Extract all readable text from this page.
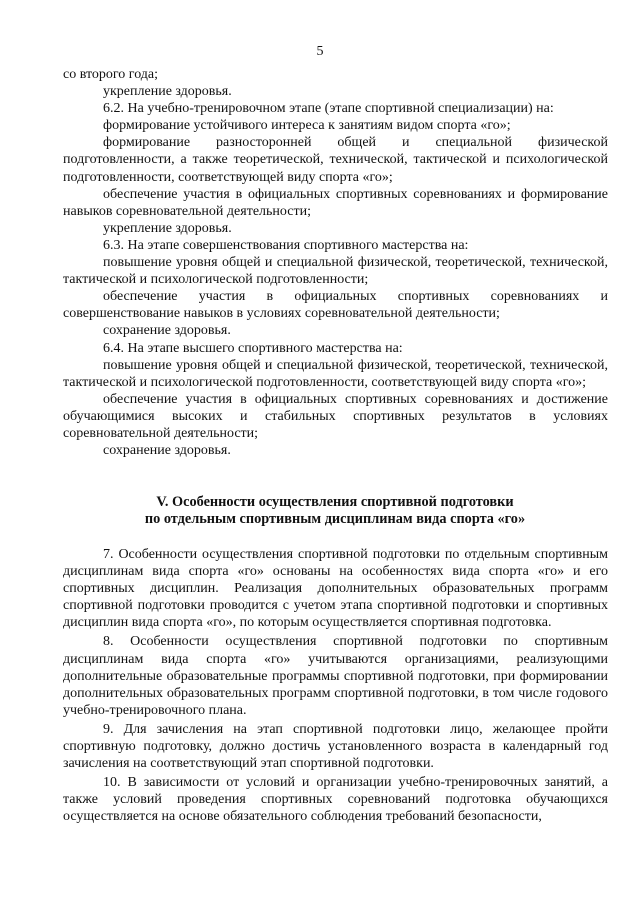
5

со второго года;

укрепление здоровья.

6.2. На учебно-тренировочном этапе (этапе спортивной специализации) на:

формирование устойчивого интереса к занятиям видом спорта «го»;

формирование разносторонней общей и специальной физической подготовленности, а также теоретической, технической, тактической и психологической подготовленности, соответствующей виду спорта «го»;

обеспечение участия в официальных спортивных соревнованиях и формирование навыков соревновательной деятельности;

укрепление здоровья.

6.3. На этапе совершенствования спортивного мастерства на:

повышение уровня общей и специальной физической, теоретической, технической, тактической и психологической подготовленности;

обеспечение участия в официальных спортивных соревнованиях и совершенствование навыков в условиях соревновательной деятельности;

сохранение здоровья.

6.4. На этапе высшего спортивного мастерства на:

повышение уровня общей и специальной физической, теоретической, технической, тактической и психологической подготовленности, соответствующей виду спорта «го»;

обеспечение участия в официальных спортивных соревнованиях и достижение обучающимися высоких и стабильных спортивных результатов в условиях соревновательной деятельности;

сохранение здоровья.

V. Особенности осуществления спортивной подготовки
по отдельным спортивным дисциплинам вида спорта «го»

7. Особенности осуществления спортивной подготовки по отдельным спортивным дисциплинам вида спорта «го» основаны на особенностях вида спорта «го» и его спортивных дисциплин. Реализация дополнительных образовательных программ спортивной подготовки проводится с учетом этапа спортивной подготовки и спортивных дисциплин вида спорта «го», по которым осуществляется спортивная подготовка.

8. Особенности осуществления спортивной подготовки по спортивным дисциплинам вида спорта «го» учитываются организациями, реализующими дополнительные образовательные программы спортивной подготовки, при формировании дополнительных образовательных программ спортивной подготовки, в том числе годового учебно-тренировочного плана.

9. Для зачисления на этап спортивной подготовки лицо, желающее пройти спортивную подготовку, должно достичь установленного возраста в календарный год зачисления на соответствующий этап спортивной подготовки.

10. В зависимости от условий и организации учебно-тренировочных занятий, а также условий проведения спортивных соревнований подготовка обучающихся осуществляется на основе обязательного соблюдения требований безопасности,
